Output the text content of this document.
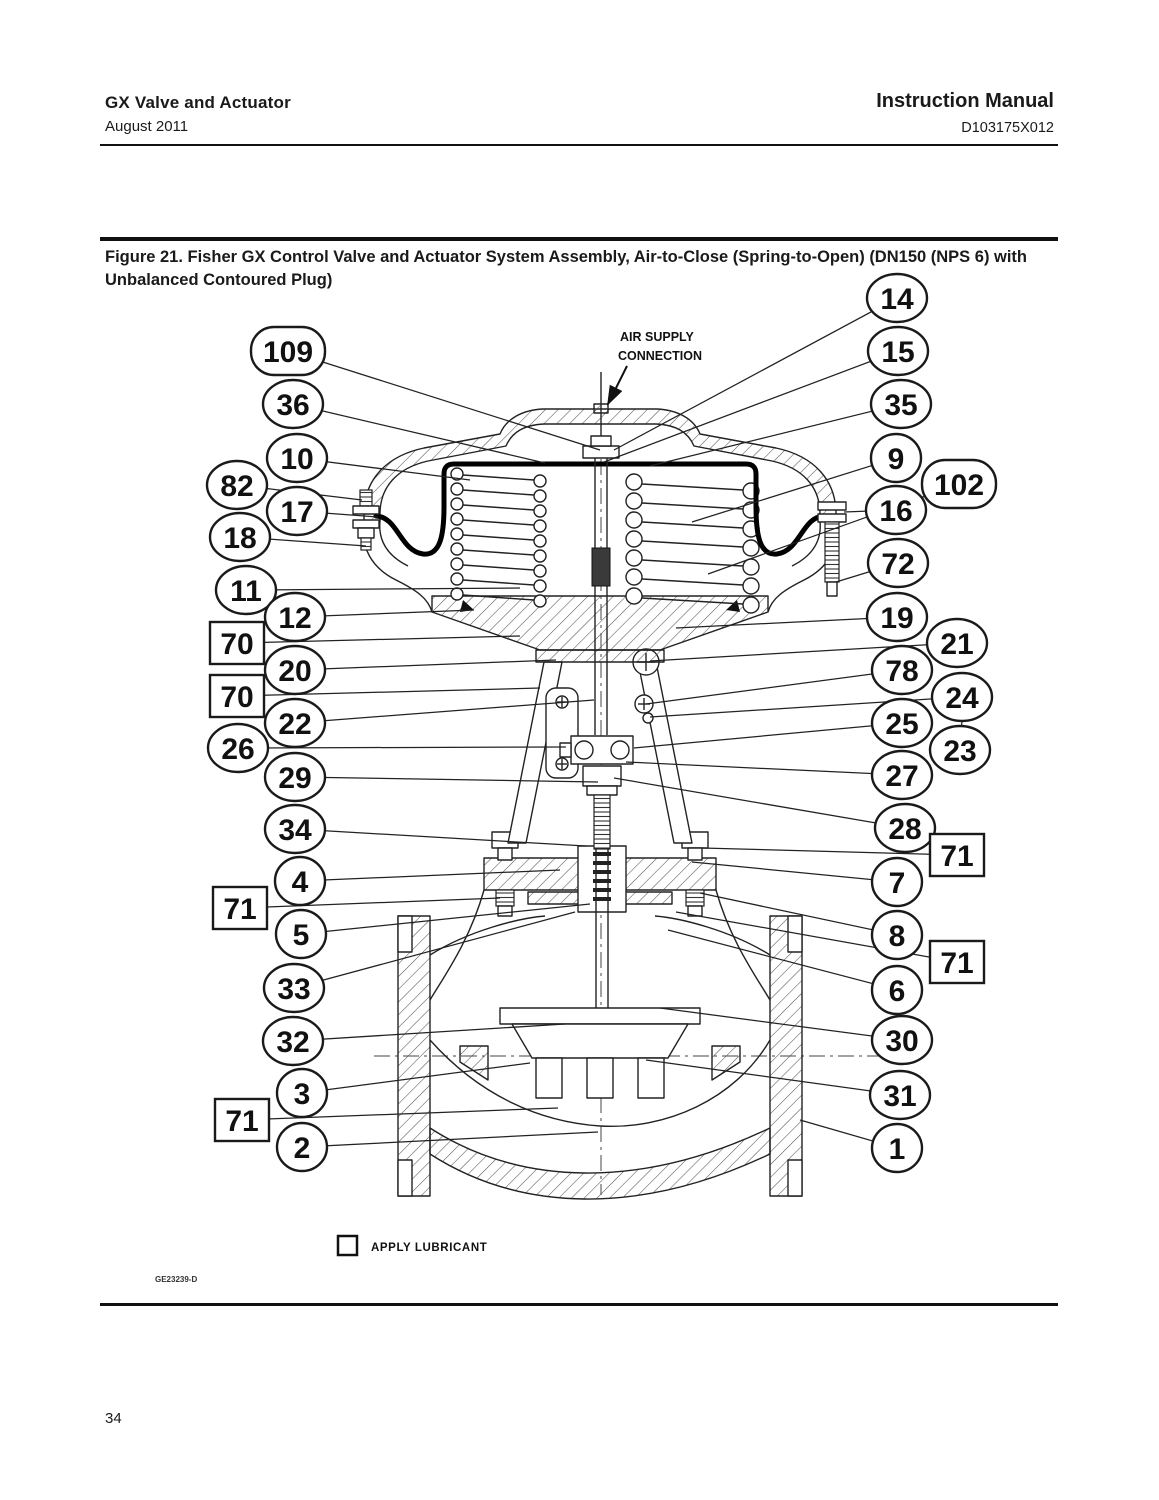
GX Valve and Actuator
August 2011
Instruction Manual
D103175X012
Figure 21. Fisher GX Control Valve and Actuator System Assembly, Air-to-Close (Spring-to-Open) (DN150 (NPS 6) with Unbalanced Contoured Plug)
109
36
10
82
17
18
11
12
70
20
70
22
26
29
34
4
71
5
33
32
3
71
2
14
15
35
9
102
16
72
19
21
78
24
25
23
27
28
71
7
8
71
6
30
31
1
AIR SUPPLY
CONNECTION
APPLY LUBRICANT
GE23239-D
34
